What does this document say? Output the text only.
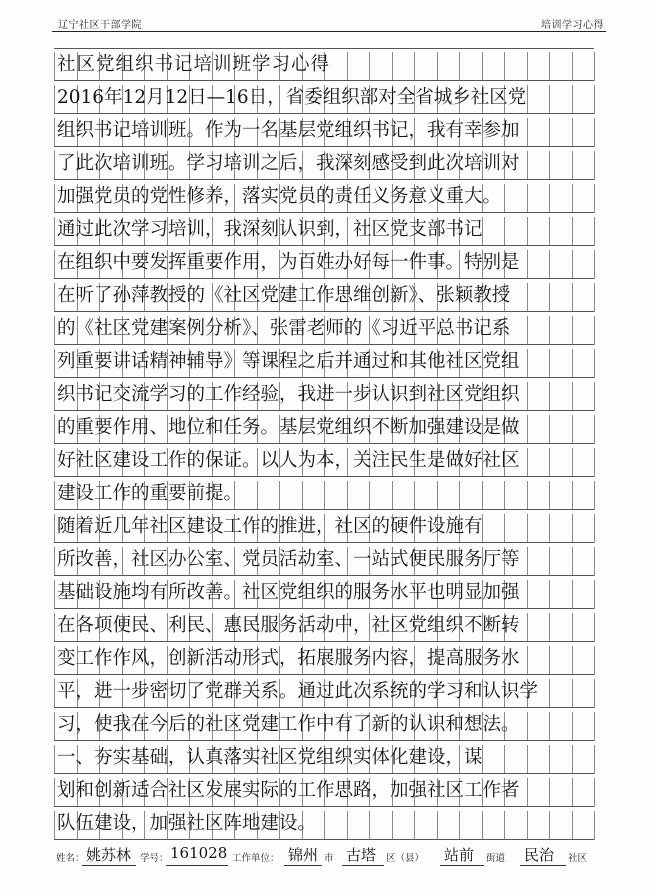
辽宁社区干部学院	培训学习心得
社区党组织书记培训班学习心得
2016年12月12日—16日，省委组织部对全省城乡社区党
组织书记培训班。作为一名基层党组织书记，我有幸参加
了此次培训班。学习培训之后，我深刻感受到此次培训对
加强党员的党性修养，落实党员的责任义务意义重大。
通过此次学习培训，我深刻认识到，社区党支部书记
在组织中要发挥重要作用，为百姓办好每一件事。特别是
在听了孙萍教授的《社区党建工作思维创新》、张颖教授
的《社区党建案例分析》、张雷老师的《习近平总书记系
列重要讲话精神辅导》等课程之后并通过和其他社区党组
织书记交流学习的工作经验，我进一步认识到社区党组织
的重要作用、地位和任务。基层党组织不断加强建设是做
好社区建设工作的保证。以人为本，关注民生是做好社区
建设工作的重要前提。
随着近几年社区建设工作的推进，社区的硬件设施有
所改善，社区办公室、党员活动室、一站式便民服务厅等
基础设施均有所改善。社区党组织的服务水平也明显加强
在各项便民、利民、惠民服务活动中，社区党组织不断转
变工作作风，创新活动形式，拓展服务内容，提高服务水
平，进一步密切了党群关系。通过此次系统的学习和认识学
习，使我在今后的社区党建工作中有了新的认识和想法。
一、夯实基础，认真落实社区党组织实体化建设，谋
划和创新适合社区发展实际的工作思路，加强社区工作者
队伍建设，加强社区阵地建设。
姓名： 姚苏林 学号： 161028 工作单位： 锦州 市 古塔 区（县） 站前 街道 民治 社区
